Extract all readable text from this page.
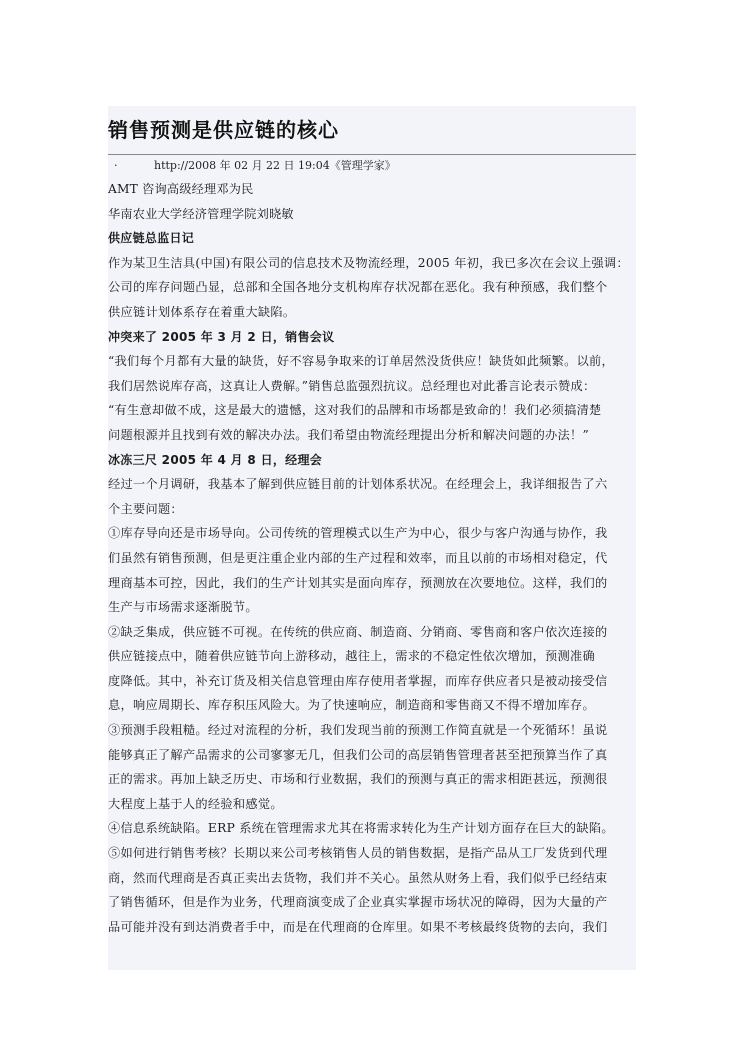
销售预测是供应链的核心
·	http://2008 年 02 月 22 日 19:04《管理学家》
AMT 咨询高级经理邓为民
华南农业大学经济管理学院刘晓敏
供应链总监日记
作为某卫生洁具(中国)有限公司的信息技术及物流经理，2005 年初，我已多次在会议上强调：
公司的库存问题凸显，总部和全国各地分支机构库存状况都在恶化。我有种预感，我们整个
供应链计划体系存在着重大缺陷。
冲突来了 2005 年 3 月 2 日，销售会议
“我们每个月都有大量的缺货，好不容易争取来的订单居然没货供应！缺货如此频繁。以前，
我们居然说库存高，这真让人费解。”销售总监强烈抗议。总经理也对此番言论表示赞成：
“有生意却做不成，这是最大的遗憾，这对我们的品牌和市场都是致命的！我们必须搞清楚
问题根源并且找到有效的解决办法。我们希望由物流经理提出分析和解决问题的办法！”
冰冻三尺 2005 年 4 月 8 日，经理会
经过一个月调研，我基本了解到供应链目前的计划体系状况。在经理会上，我详细报告了六
个主要问题：
①库存导向还是市场导向。公司传统的管理模式以生产为中心，很少与客户沟通与协作，我
们虽然有销售预测，但是更注重企业内部的生产过程和效率，而且以前的市场相对稳定，代
理商基本可控，因此，我们的生产计划其实是面向库存，预测放在次要地位。这样，我们的
生产与市场需求逐渐脱节。
②缺乏集成，供应链不可视。在传统的供应商、制造商、分销商、零售商和客户依次连接的
供应链接点中，随着供应链节向上游移动，越往上，需求的不稳定性依次增加，预测准确
度降低。其中，补充订货及相关信息管理由库存使用者掌握，而库存供应者只是被动接受信
息，响应周期长、库存积压风险大。为了快速响应，制造商和零售商又不得不增加库存。
③预测手段粗糙。经过对流程的分析，我们发现当前的预测工作简直就是一个死循环！虽说
能够真正了解产品需求的公司寥寥无几，但我们公司的高层销售管理者甚至把预算当作了真
正的需求。再加上缺乏历史、市场和行业数据，我们的预测与真正的需求相距甚远，预测很
大程度上基于人的经验和感觉。
④信息系统缺陷。ERP 系统在管理需求尤其在将需求转化为生产计划方面存在巨大的缺陷。
⑤如何进行销售考核？长期以来公司考核销售人员的销售数据，是指产品从工厂发货到代理
商，然而代理商是否真正卖出去货物，我们并不关心。虽然从财务上看，我们似乎已经结束
了销售循环，但是作为业务，代理商演变成了企业真实掌握市场状况的障碍，因为大量的产
品可能并没有到达消费者手中，而是在代理商的仓库里。如果不考核最终货物的去向，我们
